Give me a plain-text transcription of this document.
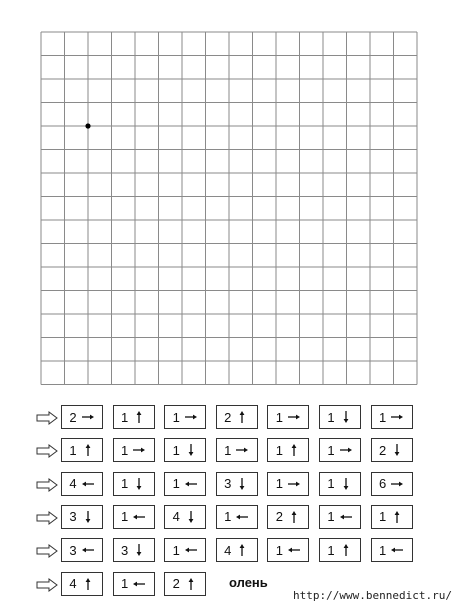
2	1	1	2	1	1	1
1	1	1	1	1	1	2
4	1	1	3	1	1	6
3	1	4	1	2	1	1
3	3	1	4	1	1	1
4	1	2	олень
http://www.bennedict.ru/
